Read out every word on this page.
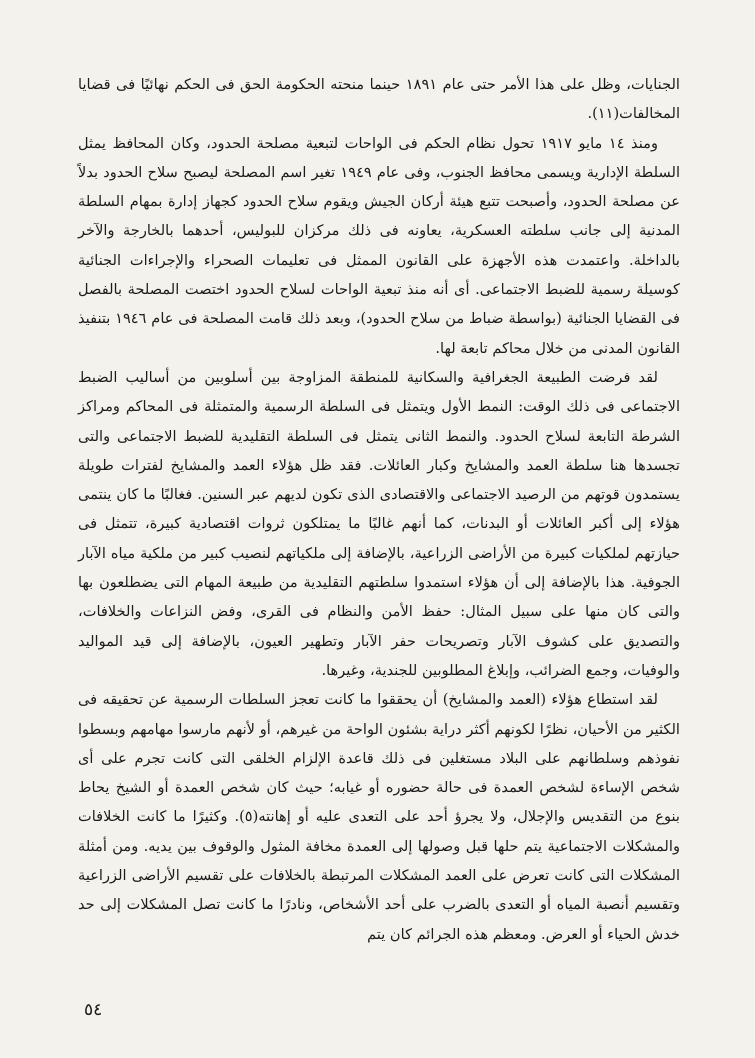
الجنايات، وظل على هذا الأمر حتى عام ١٨٩١ حينما منحته الحكومة الحق فى الحكم نهائيًا فى قضايا المخالفات(١١).

ومنذ ١٤ مايو ١٩١٧ تحول نظام الحكم فى الواحات لتبعية مصلحة الحدود، وكان المحافظ يمثل السلطة الإدارية ويسمى محافظ الجنوب، وفى عام ١٩٤٩ تغير اسم المصلحة ليصبح سلاح الحدود بدلاً عن مصلحة الحدود، وأصبحت تتبع هيئة أركان الجيش ويقوم سلاح الحدود كجهاز إدارة بمهام السلطة المدنية إلى جانب سلطته العسكرية، يعاونه فى ذلك مركزان للبوليس، أحدهما بالخارجة والآخر بالداخلة. واعتمدت هذه الأجهزة على القانون الممثل فى تعليمات الصحراء والإجراءات الجنائية كوسيلة رسمية للضبط الاجتماعى. أى أنه منذ تبعية الواحات لسلاح الحدود اختصت المصلحة بالفصل فى القضايا الجنائية (بواسطة ضباط من سلاح الحدود)، وبعد ذلك قامت المصلحة فى عام ١٩٤٦ بتنفيذ القانون المدنى من خلال محاكم تابعة لها.

لقد فرضت الطبيعة الجغرافية والسكانية للمنطقة المزاوجة بين أسلوبين من أساليب الضبط الاجتماعى فى ذلك الوقت: النمط الأول ويتمثل فى السلطة الرسمية والمتمثلة فى المحاكم ومراكز الشرطة التابعة لسلاح الحدود. والنمط الثانى يتمثل فى السلطة التقليدية للضبط الاجتماعى والتى تجسدها هنا سلطة العمد والمشايخ وكبار العائلات. فقد ظل هؤلاء العمد والمشايخ لفترات طويلة يستمدون قوتهم من الرصيد الاجتماعى والاقتصادى الذى تكون لديهم عبر السنين. فغالبًا ما كان ينتمى هؤلاء إلى أكبر العائلات أو البدنات، كما أنهم غالبًا ما يمتلكون ثروات اقتصادية كبيرة، تتمثل فى حيازتهم لملكيات كبيرة من الأراضى الزراعية، بالإضافة إلى ملكياتهم لنصيب كبير من ملكية مياه الآبار الجوفية. هذا بالإضافة إلى أن هؤلاء استمدوا سلطتهم التقليدية من طبيعة المهام التى يضطلعون بها والتى كان منها على سبيل المثال: حفظ الأمن والنظام فى القرى، وفض النزاعات والخلافات، والتصديق على كشوف الآبار وتصريحات حفر الآبار وتطهير العيون، بالإضافة إلى قيد المواليد والوفيات، وجمع الضرائب، وإبلاغ المطلوبين للجندية، وغيرها.

لقد استطاع هؤلاء (العمد والمشايخ) أن يحققوا ما كانت تعجز السلطات الرسمية عن تحقيقه فى الكثير من الأحيان، نظرًا لكونهم أكثر دراية بشئون الواحة من غيرهم، أو لأنهم مارسوا مهامهم وبسطوا نفوذهم وسلطانهم على البلاد مستغلين فى ذلك قاعدة الإلزام الخلقى التى كانت تجرم على أى شخص الإساءة لشخص العمدة فى حالة حضوره أو غيابه؛ حيث كان شخص العمدة أو الشيخ يحاط بنوع من التقديس والإجلال، ولا يجرؤ أحد على التعدى عليه أو إهانته(٥). وكثيرًا ما كانت الخلافات والمشكلات الاجتماعية يتم حلها قبل وصولها إلى العمدة مخافة المثول والوقوف بين يديه. ومن أمثلة المشكلات التى كانت تعرض على العمد المشكلات المرتبطة بالخلافات على تقسيم الأراضى الزراعية وتقسيم أنصبة المياه أو التعدى بالضرب على أحد الأشخاص، ونادرًا ما كانت تصل المشكلات إلى حد خدش الحياء أو العرض. ومعظم هذه الجرائم كان يتم

٥٤
